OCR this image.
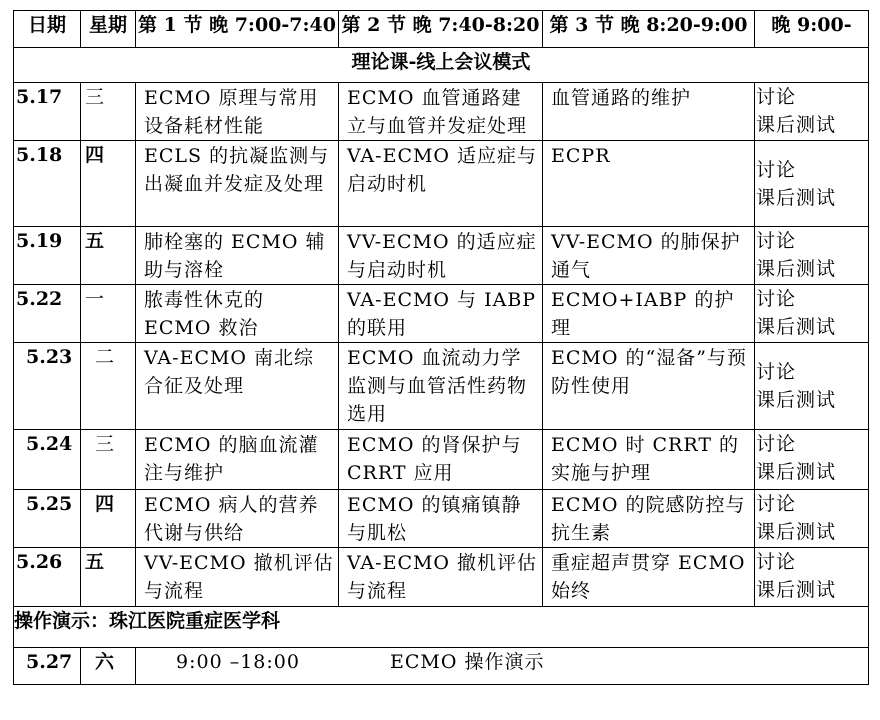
日期	星期	第 1 节 晚 7:00-7:40	第 2 节 晚 7:40-8:20	第 3 节 晚 8:20-9:00	晚 9:00-
理论课-线上会议模式					
5.17	三	ECMO 原理与常用设备耗材性能	ECMO 血管通路建立与血管并发症处理	血管通路的维护	讨论
课后测试

5.18	四	ECLS 的抗凝监测与出凝血并发症及处理	VA-ECMO 适应症与启动时机	ECPR	讨论
课后测试

5.19	五	肺栓塞的 ECMO 辅助与溶栓	VV-ECMO 的适应症与启动时机	VV-ECMO 的肺保护通气	讨论
课后测试

5.22	一	脓毒性休克的 ECMO 救治	VA-ECMO 与 IABP 的联用	ECMO+IABP 的护理	讨论
课后测试

5.23	二	VA-ECMO 南北综合征及处理	ECMO 血流动力学监测与血管活性药物选用	ECMO 的“湿备”与预防性使用	讨论
课后测试

5.24	三	ECMO 的脑血流灌注与维护	ECMO 的肾保护与 CRRT 应用	ECMO 时 CRRT 的实施与护理	讨论
课后测试

5.25	四	ECMO 病人的营养代谢与供给	ECMO 的镇痛镇静与肌松	ECMO 的院感防控与抗生素	讨论
课后测试

5.26	五	VV-ECMO 撤机评估与流程	VA-ECMO 撤机评估与流程	重症超声贯穿 ECMO 始终	讨论
课后测试

操作演示：珠江医院重症医学科					
5.27	六	9:00 –18:00 ECMO 操作演示			
